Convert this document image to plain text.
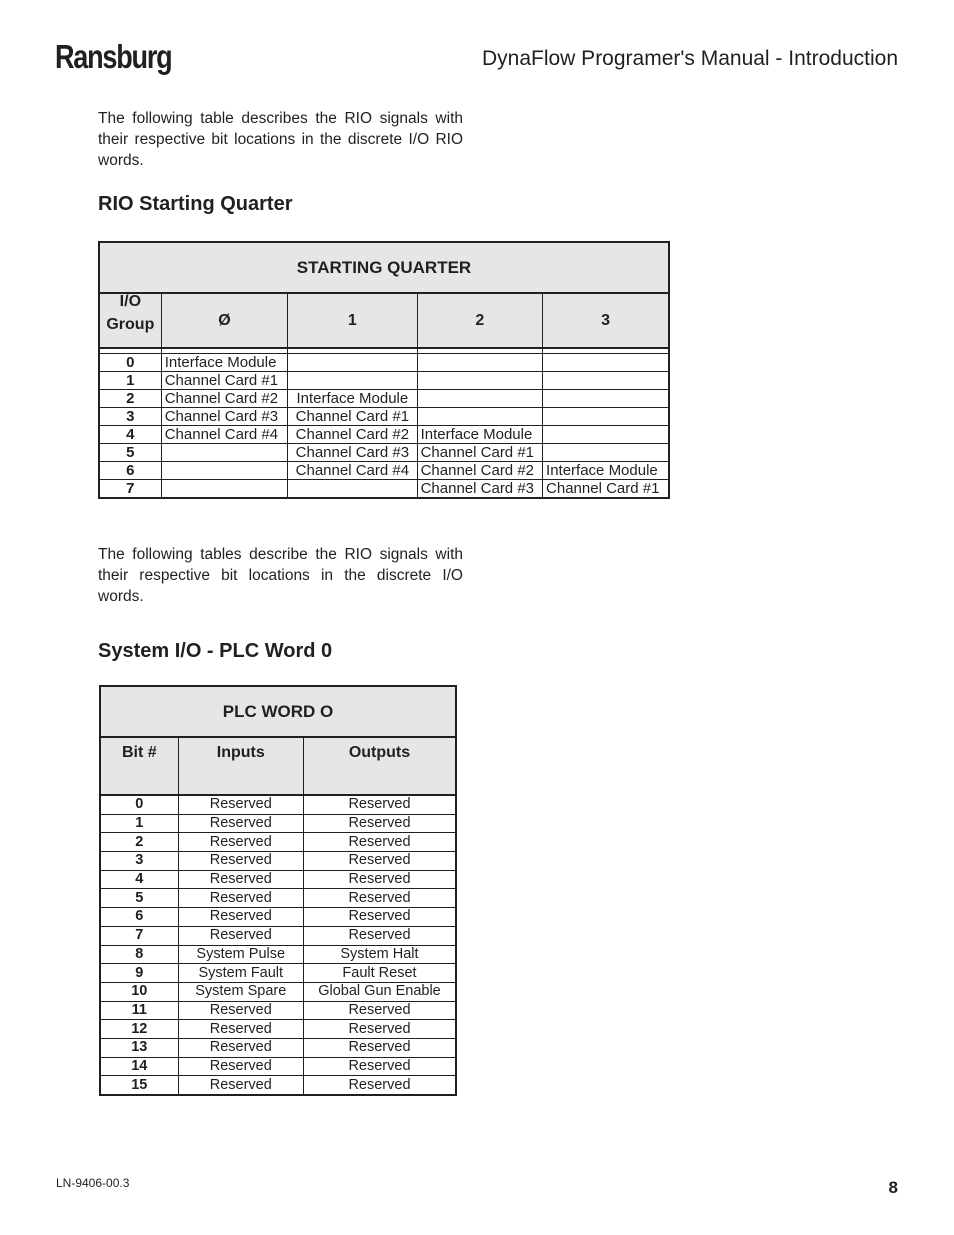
Ransburg	DynaFlow Programer's Manual - Introduction
The following table describes the RIO signals with their respective bit locations in the discrete I/O RIO words.
RIO Starting Quarter
STARTING QUARTER				

I/O
Group	Ø	1	2	3

0	Interface Module			
1	Channel Card #1			
2	Channel Card #2	Interface Module		
3	Channel Card #3	Channel Card #1		
4	Channel Card #4	Channel Card #2	Interface Module	
5		Channel Card #3	Channel Card #1	
6		Channel Card #4	Channel Card #2	Interface Module
7			Channel Card #3	Channel Card #1
The following tables describe the RIO signals with their respective bit locations in the discrete I/O words.
System I/O - PLC Word 0
PLC WORD O		
Bit #	Inputs	Outputs
0	Reserved	Reserved
1	Reserved	Reserved
2	Reserved	Reserved
3	Reserved	Reserved
4	Reserved	Reserved
5	Reserved	Reserved
6	Reserved	Reserved
7	Reserved	Reserved
8	System Pulse	System Halt
9	System Fault	Fault Reset
10	System Spare	Global Gun Enable
11	Reserved	Reserved
12	Reserved	Reserved
13	Reserved	Reserved
14	Reserved	Reserved
15	Reserved	Reserved
LN-9406-00.3	8
